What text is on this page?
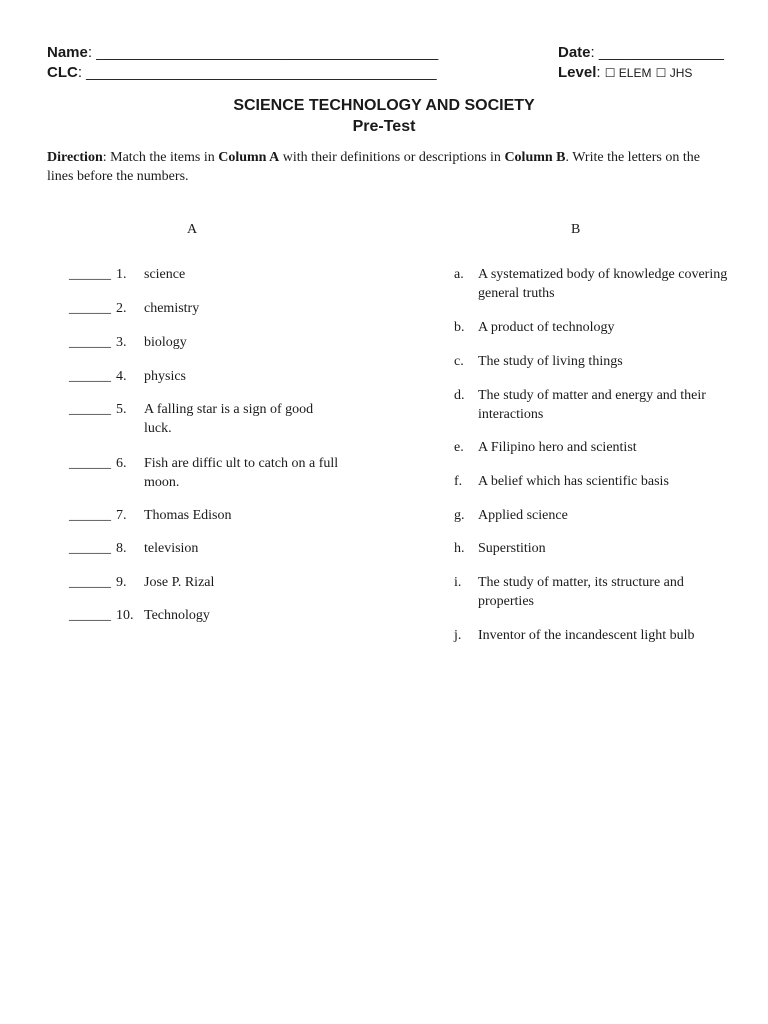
Name: _________________________________________
CLC: __________________________________________
Date: _______________
Level: ☐ ELEM ☐ JHS
SCIENCE TECHNOLOGY AND SOCIETY
Pre-Test
Direction: Match the items in Column A with their definitions or descriptions in Column B. Write the letters on the lines before the numbers.
A	B
______ 1. science
______ 2. chemistry
______ 3. biology
______ 4. physics
______ 5. A falling star is a sign of good luck.
______ 6. Fish are diffic ult to catch on a full moon.
______ 7. Thomas Edison
______ 8. television
______ 9. Jose P. Rizal
______ 10. Technology
a. A systematized body of knowledge covering general truths
b. A product of technology
c. The study of living things
d. The study of matter and energy and their interactions
e. A Filipino hero and scientist
f. A belief which has scientific basis
g. Applied science
h. Superstition
i. The study of matter, its structure and properties
j. Inventor of the incandescent light bulb
